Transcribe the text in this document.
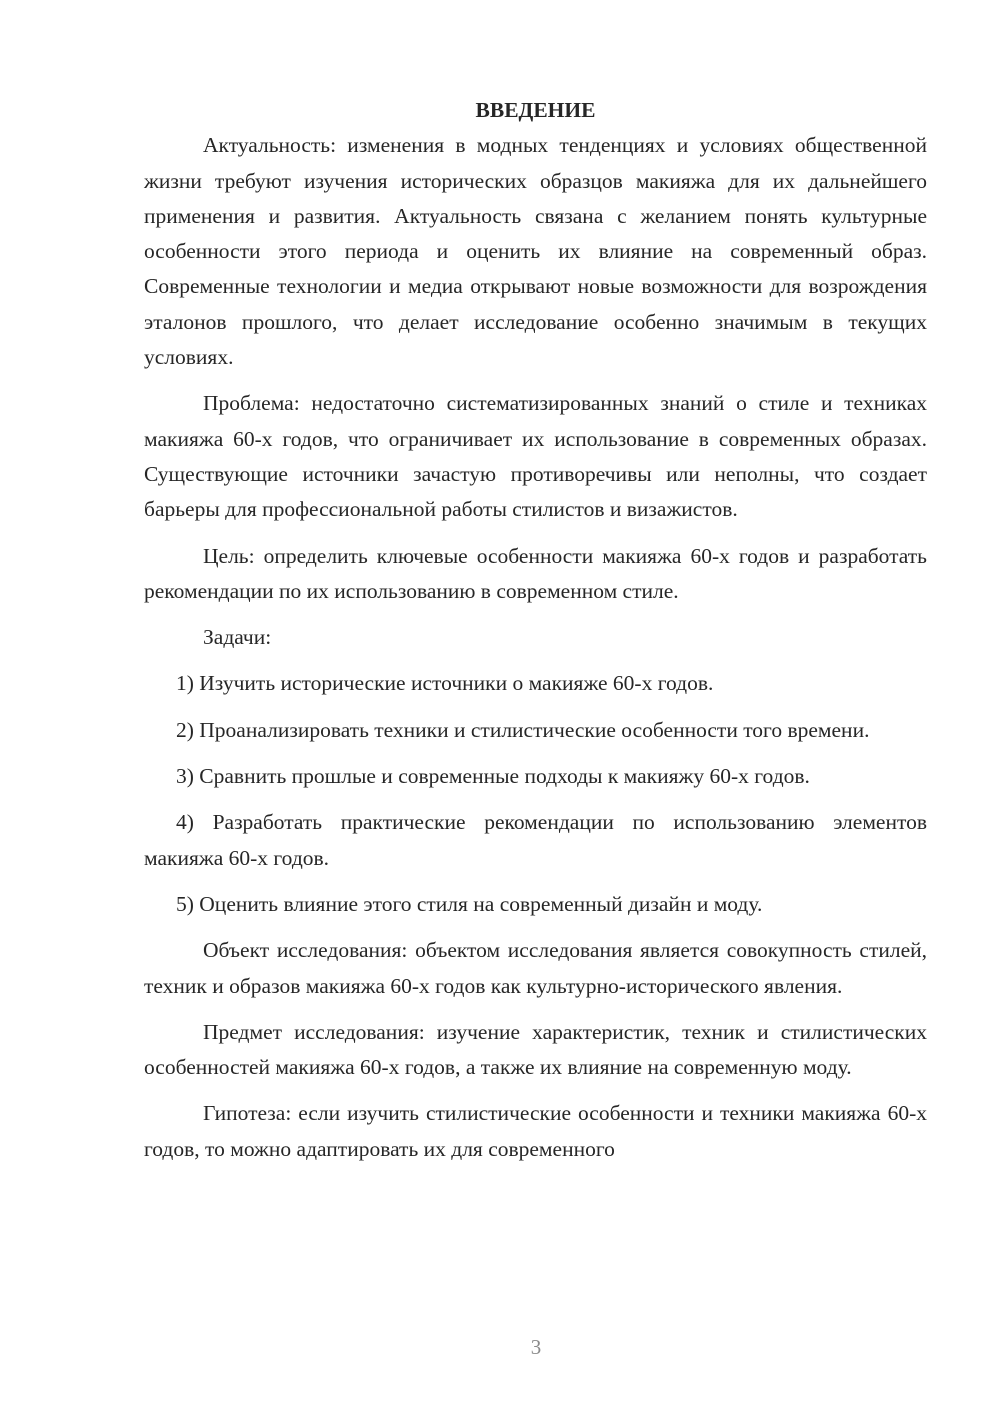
ВВЕДЕНИЕ

Актуальность: изменения в модных тенденциях и условиях общественной жизни требуют изучения исторических образцов макияжа для их дальнейшего применения и развития. Актуальность связана с желанием понять культурные особенности этого периода и оценить их влияние на современный образ. Современные технологии и медиа открывают новые возможности для возрождения эталонов прошлого, что делает исследование особенно значимым в текущих условиях.

Проблема: недостаточно систематизированных знаний о стиле и техниках макияжа 60-х годов, что ограничивает их использование в современных образах. Существующие источники зачастую противоречивы или неполны, что создает барьеры для профессиональной работы стилистов и визажистов.

Цель: определить ключевые особенности макияжа 60-х годов и разработать рекомендации по их использованию в современном стиле.

Задачи:

1) Изучить исторические источники о макияже 60-х годов.

2) Проанализировать техники и стилистические особенности того времени.

3) Сравнить прошлые и современные подходы к макияжу 60-х годов.

4) Разработать практические рекомендации по использованию элементов макияжа 60-х годов.

5) Оценить влияние этого стиля на современный дизайн и моду.

Объект исследования: объектом исследования является совокупность стилей, техник и образов макияжа 60-х годов как культурно-исторического явления.

Предмет исследования: изучение характеристик, техник и стилистических особенностей макияжа 60-х годов, а также их влияние на современную моду.

Гипотеза: если изучить стилистические особенности и техники макияжа 60-х годов, то можно адаптировать их для современного

3
